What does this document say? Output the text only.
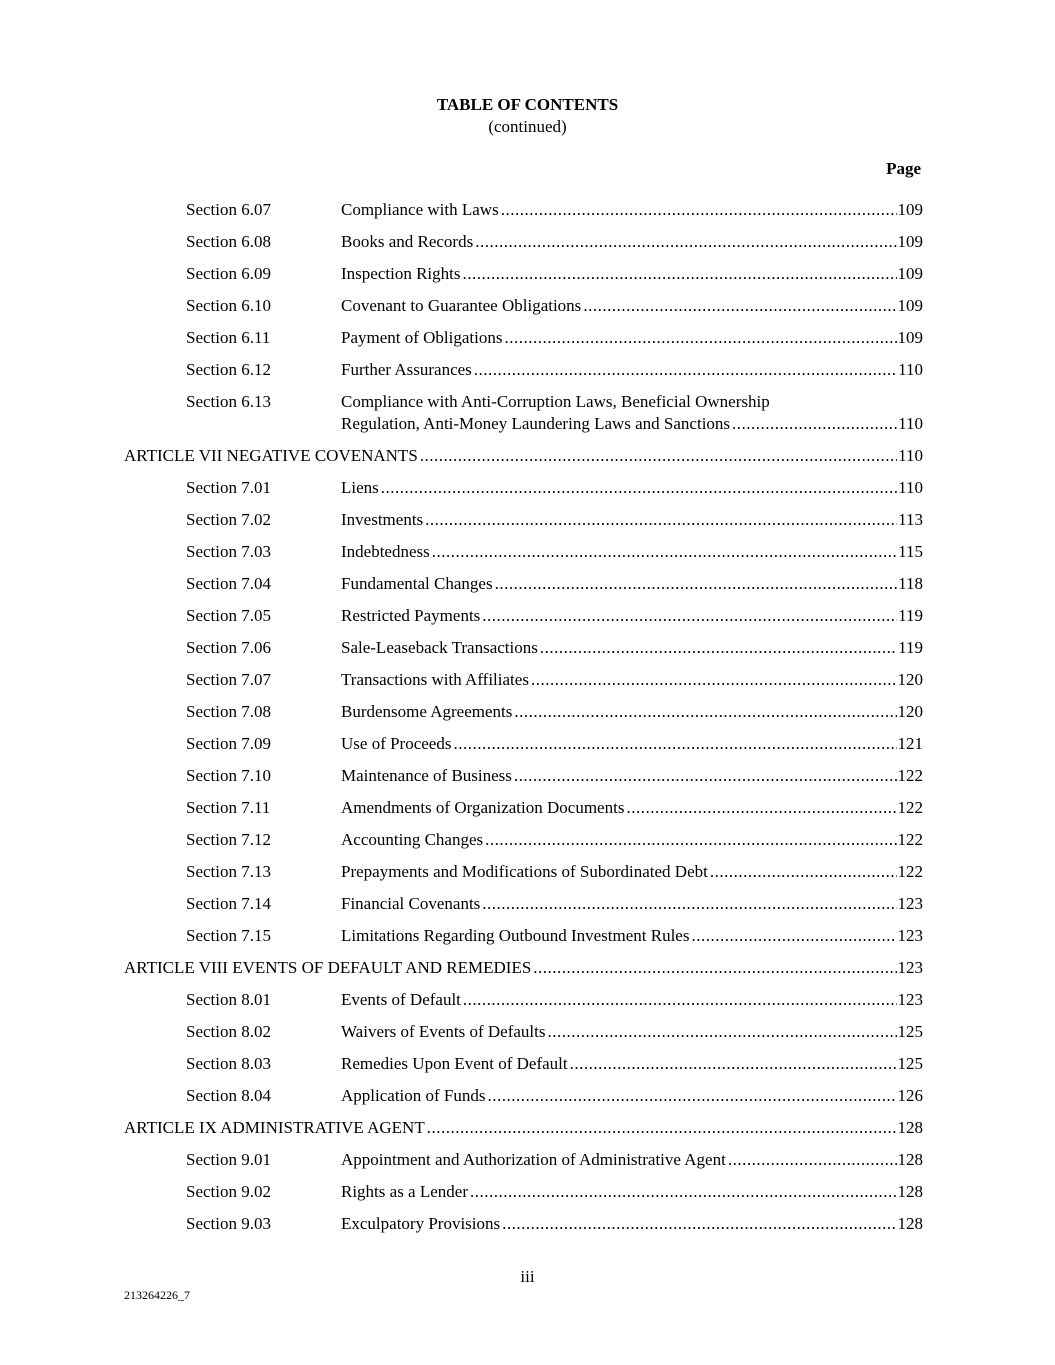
TABLE OF CONTENTS
(continued)
Page
Section 6.07	Compliance with Laws .....	109
Section 6.08	Books and Records .....	109
Section 6.09	Inspection Rights .....	109
Section 6.10	Covenant to Guarantee Obligations .....	109
Section 6.11	Payment of Obligations .....	109
Section 6.12	Further Assurances .....	110
Section 6.13	Compliance with Anti-Corruption Laws, Beneficial Ownership
Regulation, Anti-Money Laundering Laws and Sanctions .....	110
ARTICLE VII NEGATIVE COVENANTS .....	110
Section 7.01	Liens .....	110
Section 7.02	Investments .....	113
Section 7.03	Indebtedness .....	115
Section 7.04	Fundamental Changes .....	118
Section 7.05	Restricted Payments .....	119
Section 7.06	Sale-Leaseback Transactions .....	119
Section 7.07	Transactions with Affiliates .....	120
Section 7.08	Burdensome Agreements .....	120
Section 7.09	Use of Proceeds .....	121
Section 7.10	Maintenance of Business .....	122
Section 7.11	Amendments of Organization Documents .....	122
Section 7.12	Accounting Changes .....	122
Section 7.13	Prepayments and Modifications of Subordinated Debt .....	122
Section 7.14	Financial Covenants .....	123
Section 7.15	Limitations Regarding Outbound Investment Rules .....	123
ARTICLE VIII EVENTS OF DEFAULT AND REMEDIES .....	123
Section 8.01	Events of Default .....	123
Section 8.02	Waivers of Events of Defaults .....	125
Section 8.03	Remedies Upon Event of Default .....	125
Section 8.04	Application of Funds .....	126
ARTICLE IX ADMINISTRATIVE AGENT .....	128
Section 9.01	Appointment and Authorization of Administrative Agent .....	128
Section 9.02	Rights as a Lender .....	128
Section 9.03	Exculpatory Provisions .....	128
iii
213264226_7
